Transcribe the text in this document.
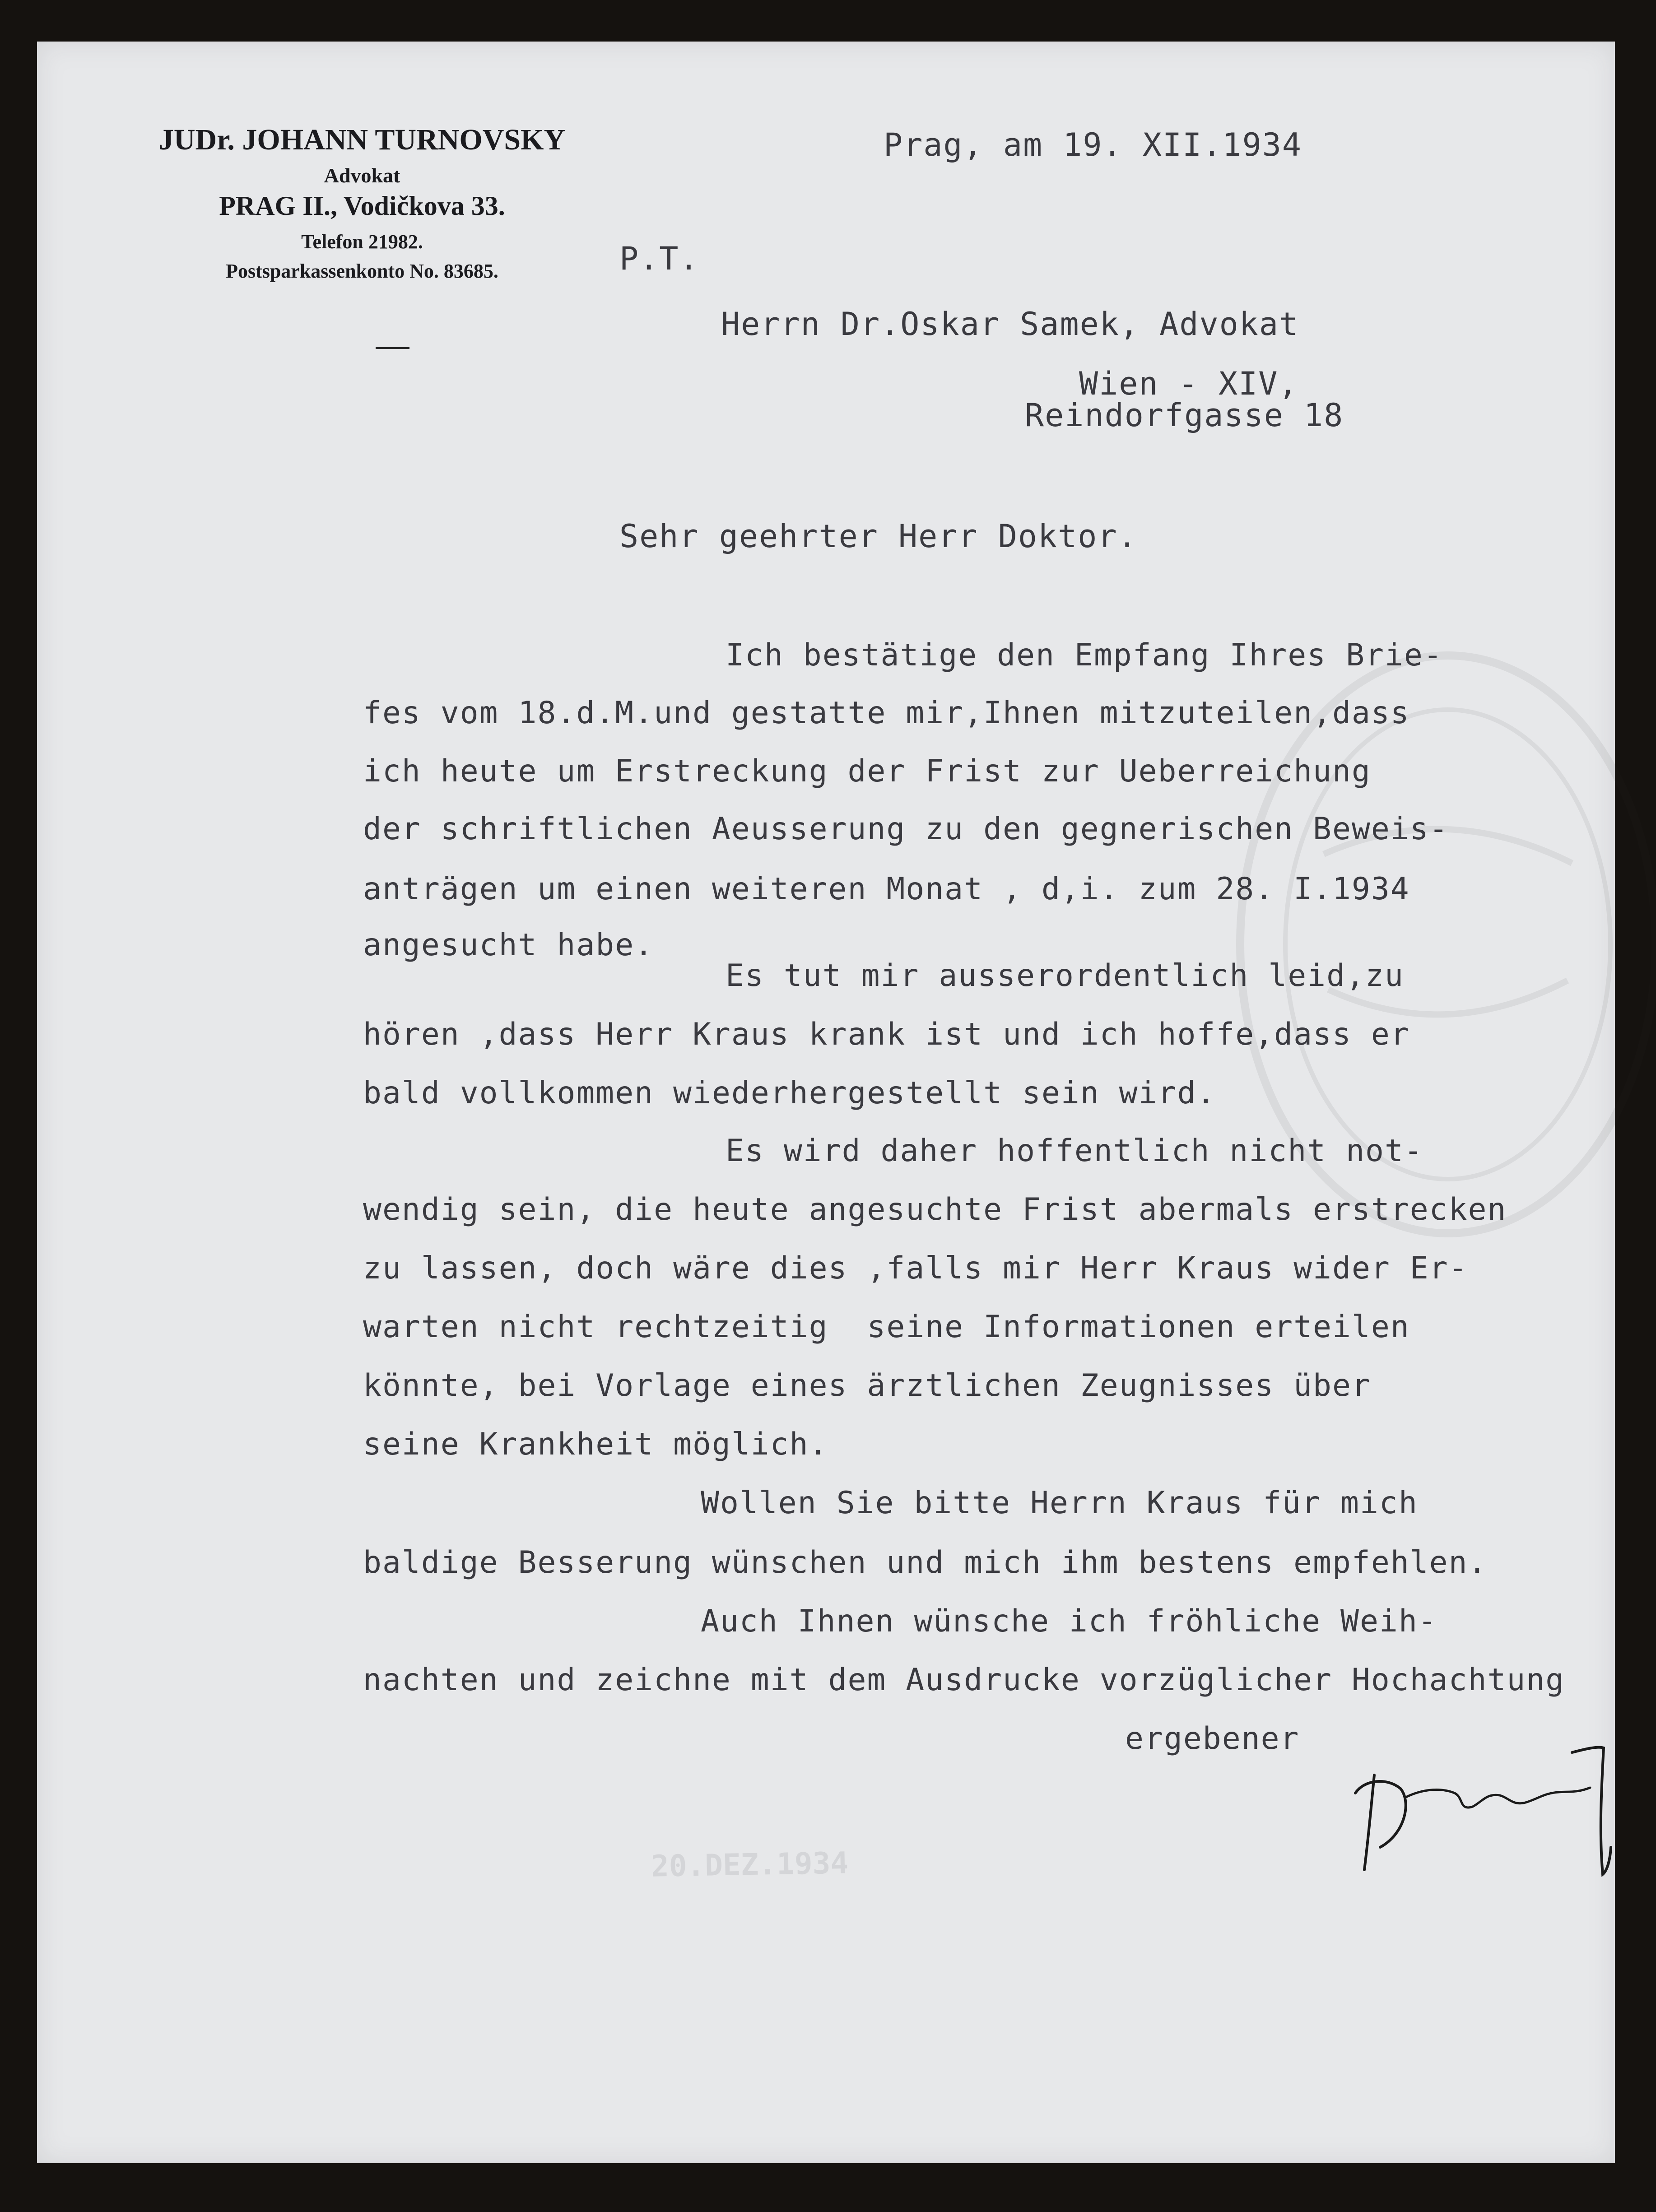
JUDr. JOHANN TURNOVSKY
Advokat
PRAG II., Vodičkova 33.
Telefon 21982.
Postsparkassenkonto No. 83685.
Prag, am 19. XII.1934
P.T.
Herrn Dr.Oskar Samek, Advokat
Wien - XIV,
Reindorfgasse 18
Sehr geehrter Herr Doktor.
Ich bestätige den Empfang Ihres Brie-
fes vom 18.d.M.und gestatte mir,Ihnen mitzuteilen,dass
ich heute um Erstreckung der Frist zur Ueberreichung
der schriftlichen Aeusserung zu den gegnerischen Beweis-
anträgen um einen weiteren Monat , d,i. zum 28. I.1934
angesucht habe.
Es tut mir ausserordentlich leid,zu
hören ,dass Herr Kraus krank ist und ich hoffe,dass er
bald vollkommen wiederhergestellt sein wird.
Es wird daher hoffentlich nicht not-
wendig sein, die heute angesuchte Frist abermals erstrecken
zu lassen, doch wäre dies ,falls mir Herr Kraus wider Er-
warten nicht rechtzeitig  seine Informationen erteilen
könnte, bei Vorlage eines ärztlichen Zeugnisses über
seine Krankheit möglich.
Wollen Sie bitte Herrn Kraus für mich
baldige Besserung wünschen und mich ihm bestens empfehlen.
Auch Ihnen wünsche ich fröhliche Weih-
nachten und zeichne mit dem Ausdrucke vorzüglicher Hochachtung
ergebener
20.DEZ.1934
